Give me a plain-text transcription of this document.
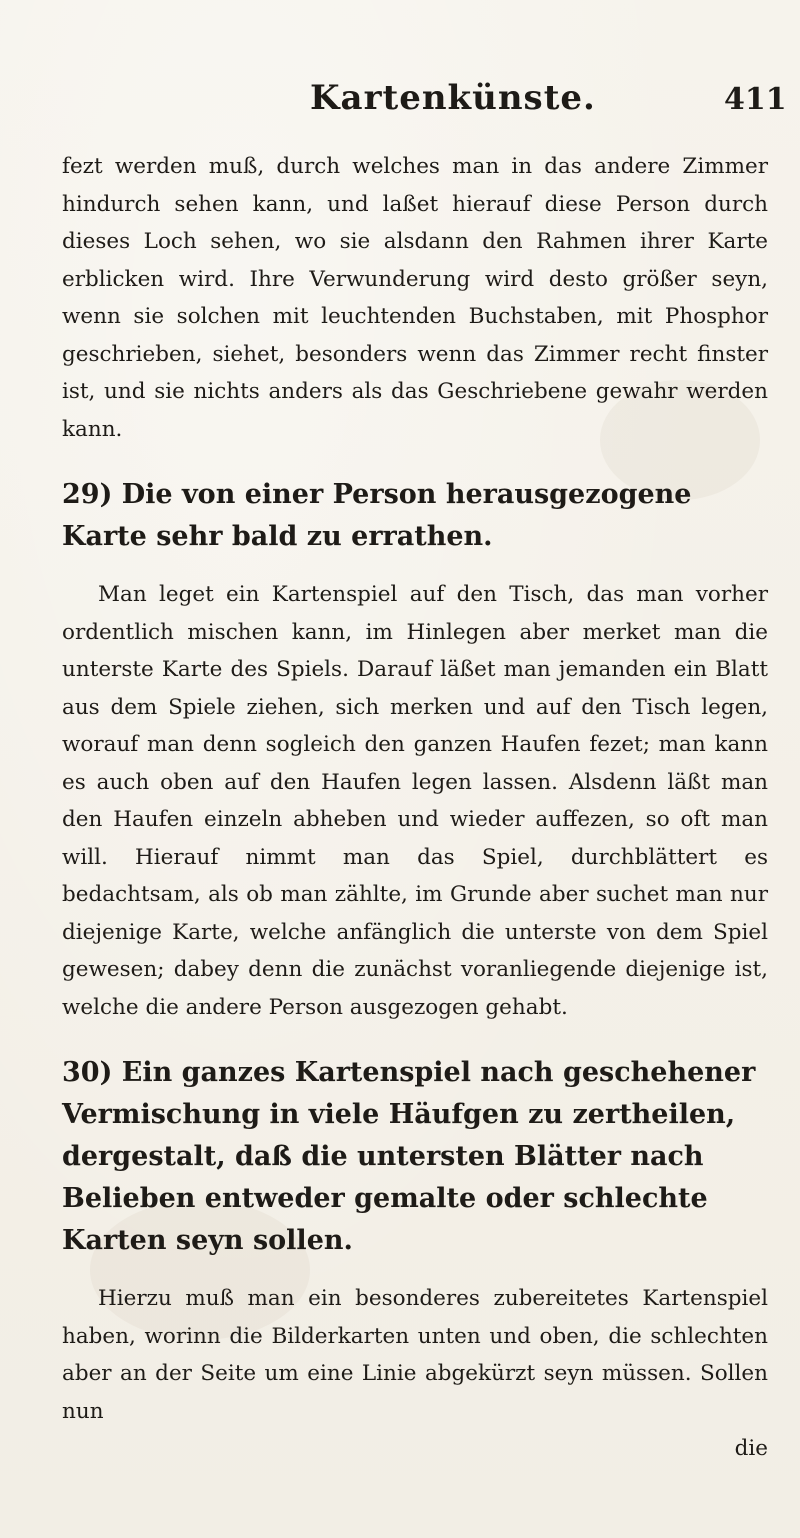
Kartenkünste.	411

fezt werden muß, durch welches man in das andere Zimmer hindurch sehen kann, und laßet hierauf diese Person durch dieses Loch sehen, wo sie alsdann den Rahmen ihrer Karte erblicken wird. Ihre Verwunderung wird desto größer seyn, wenn sie solchen mit leuchtenden Buchstaben, mit Phosphor geschrieben, siehet, besonders wenn das Zimmer recht finster ist, und sie nichts anders als das Geschriebene gewahr werden kann.

29) Die von einer Person herausgezogene Karte sehr bald zu errathen.

Man leget ein Kartenspiel auf den Tisch, das man vorher ordentlich mischen kann, im Hinlegen aber merket man die unterste Karte des Spiels. Darauf läßet man jemanden ein Blatt aus dem Spiele ziehen, sich merken und auf den Tisch legen, worauf man denn sogleich den ganzen Haufen fezet; man kann es auch oben auf den Haufen legen lassen. Alsdenn läßt man den Haufen einzeln abheben und wieder auffezen, so oft man will. Hierauf nimmt man das Spiel, durchblättert es bedachtsam, als ob man zählte, im Grunde aber suchet man nur diejenige Karte, welche anfänglich die unterste von dem Spiel gewesen; dabey denn die zunächst voranliegende diejenige ist, welche die andere Person ausgezogen gehabt.

30) Ein ganzes Kartenspiel nach geschehener Vermischung in viele Häufgen zu zertheilen, dergestalt, daß die untersten Blätter nach Belieben entweder gemalte oder schlechte Karten seyn sollen.

Hierzu muß man ein besonderes zubereitetes Kartenspiel haben, worinn die Bilderkarten unten und oben, die schlechten aber an der Seite um eine Linie abgekürzt seyn müssen. Sollen nun

die
